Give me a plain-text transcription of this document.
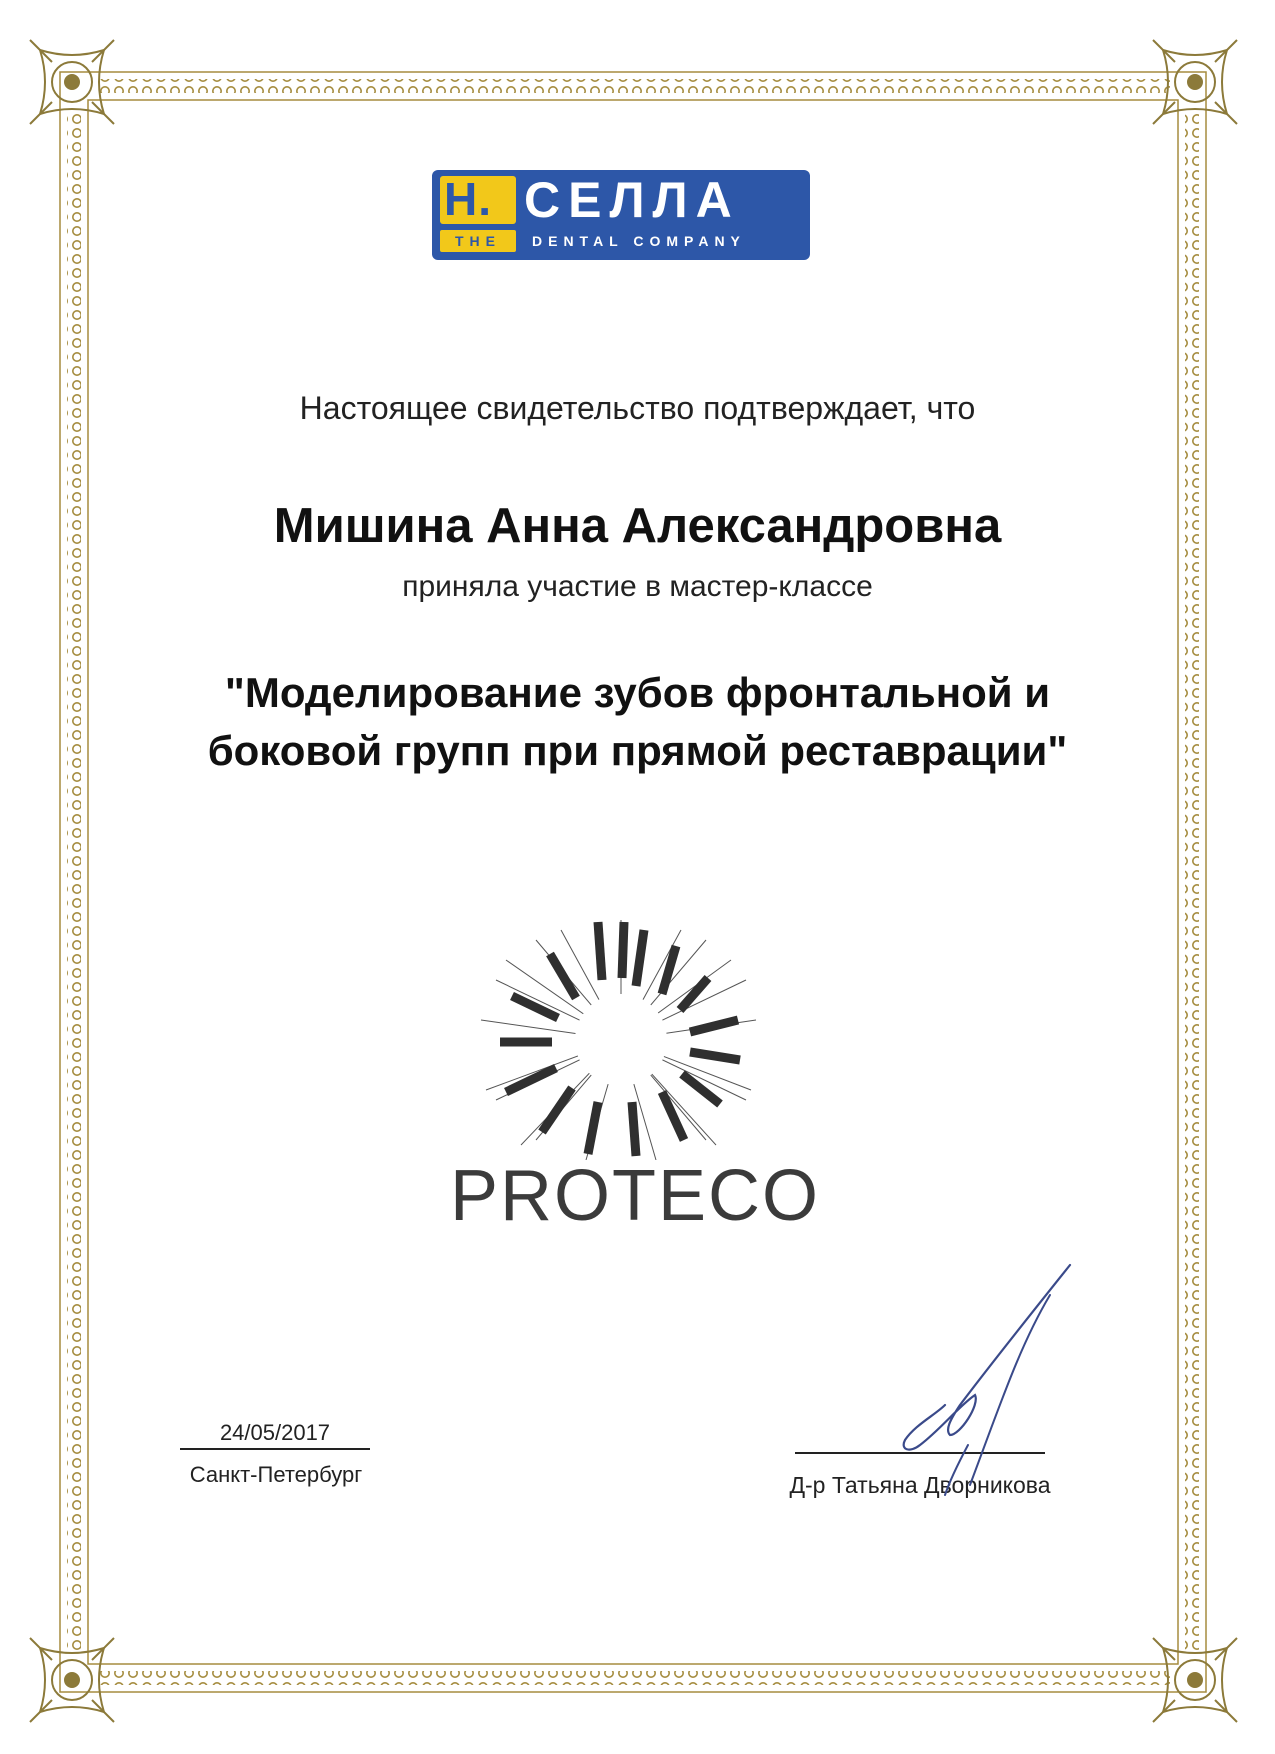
H. СЕЛЛА
THE	DENTAL COMPANY
Настоящее свидетельство подтверждает, что
Мишина Анна Александровна
приняла участие в мастер-классе
"Моделирование зубов фронтальной и
боковой групп при прямой реставрации"
PROTECO
24/05/2017
Санкт-Петербург	Д-р Татьяна Дворникова
